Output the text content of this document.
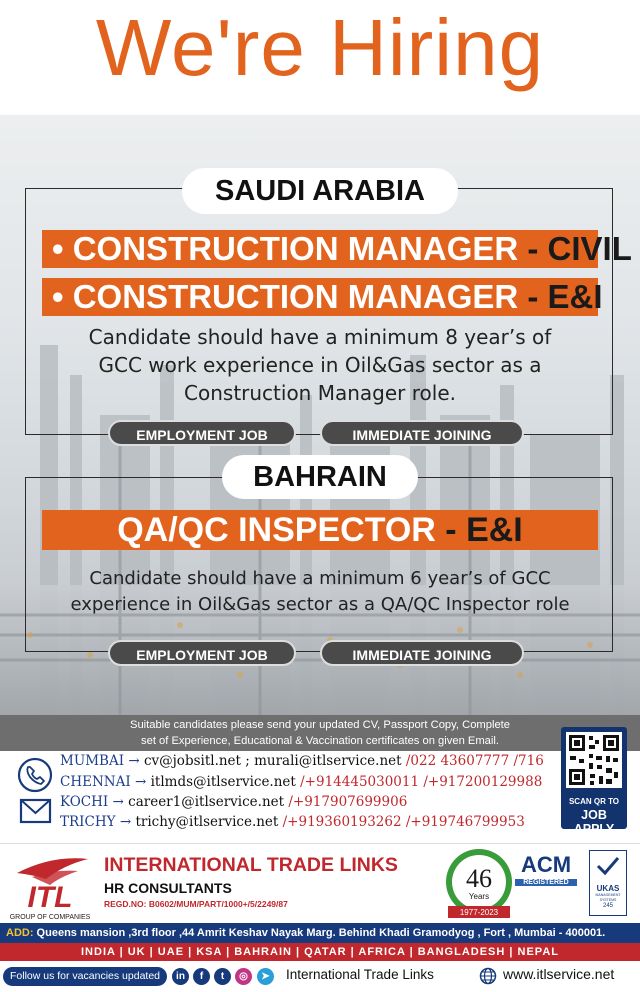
We're Hiring
SAUDI ARABIA
• CONSTRUCTION MANAGER - CIVIL
• CONSTRUCTION MANAGER - E&I
Candidate should have a minimum 8 year’s of
GCC work experience in Oil&Gas sector as a
Construction Manager role.
EMPLOYMENT JOB	IMMEDIATE JOINING
BAHRAIN
QA/QC INSPECTOR - E&I
Candidate should have a minimum 6 year’s of GCC
experience in Oil&Gas sector as a QA/QC Inspector role
EMPLOYMENT JOB	IMMEDIATE JOINING
Suitable candidates please send your updated CV, Passport Copy, Complete
set of Experience, Educational & Vaccination certificates on given Email.
MUMBAI → cv@jobsitl.net ; murali@itlservice.net /022 43607777 /716
CHENNAI → itlmds@itlservice.net /+914445030011 /+917200129988
KOCHI → career1@itlservice.net /+917907699906
TRICHY → trichy@itlservice.net /+919360193262 /+919746799953
SCAN QR TO
JOB APPLY
ITL
GROUP OF COMPANIES
INTERNATIONAL TRADE LINKS
HR CONSULTANTS
REGD.NO: B0602/MUM/PART/1000+/5/2249/87
46
Years
1977-2023
ACM
REGISTERED
UKAS
MANAGEMENT SYSTEMS
245
ADD: Queens mansion ,3rd floor ,44 Amrit Keshav Nayak Marg. Behind Khadi Gramodyog , Fort , Mumbai - 400001.
INDIA | UK | UAE | KSA | BAHRAIN | QATAR | AFRICA | BANGLADESH | NEPAL
Follow us for vacancies updated	in	f	t	◎	➤	International Trade Links	www.itlservice.net
